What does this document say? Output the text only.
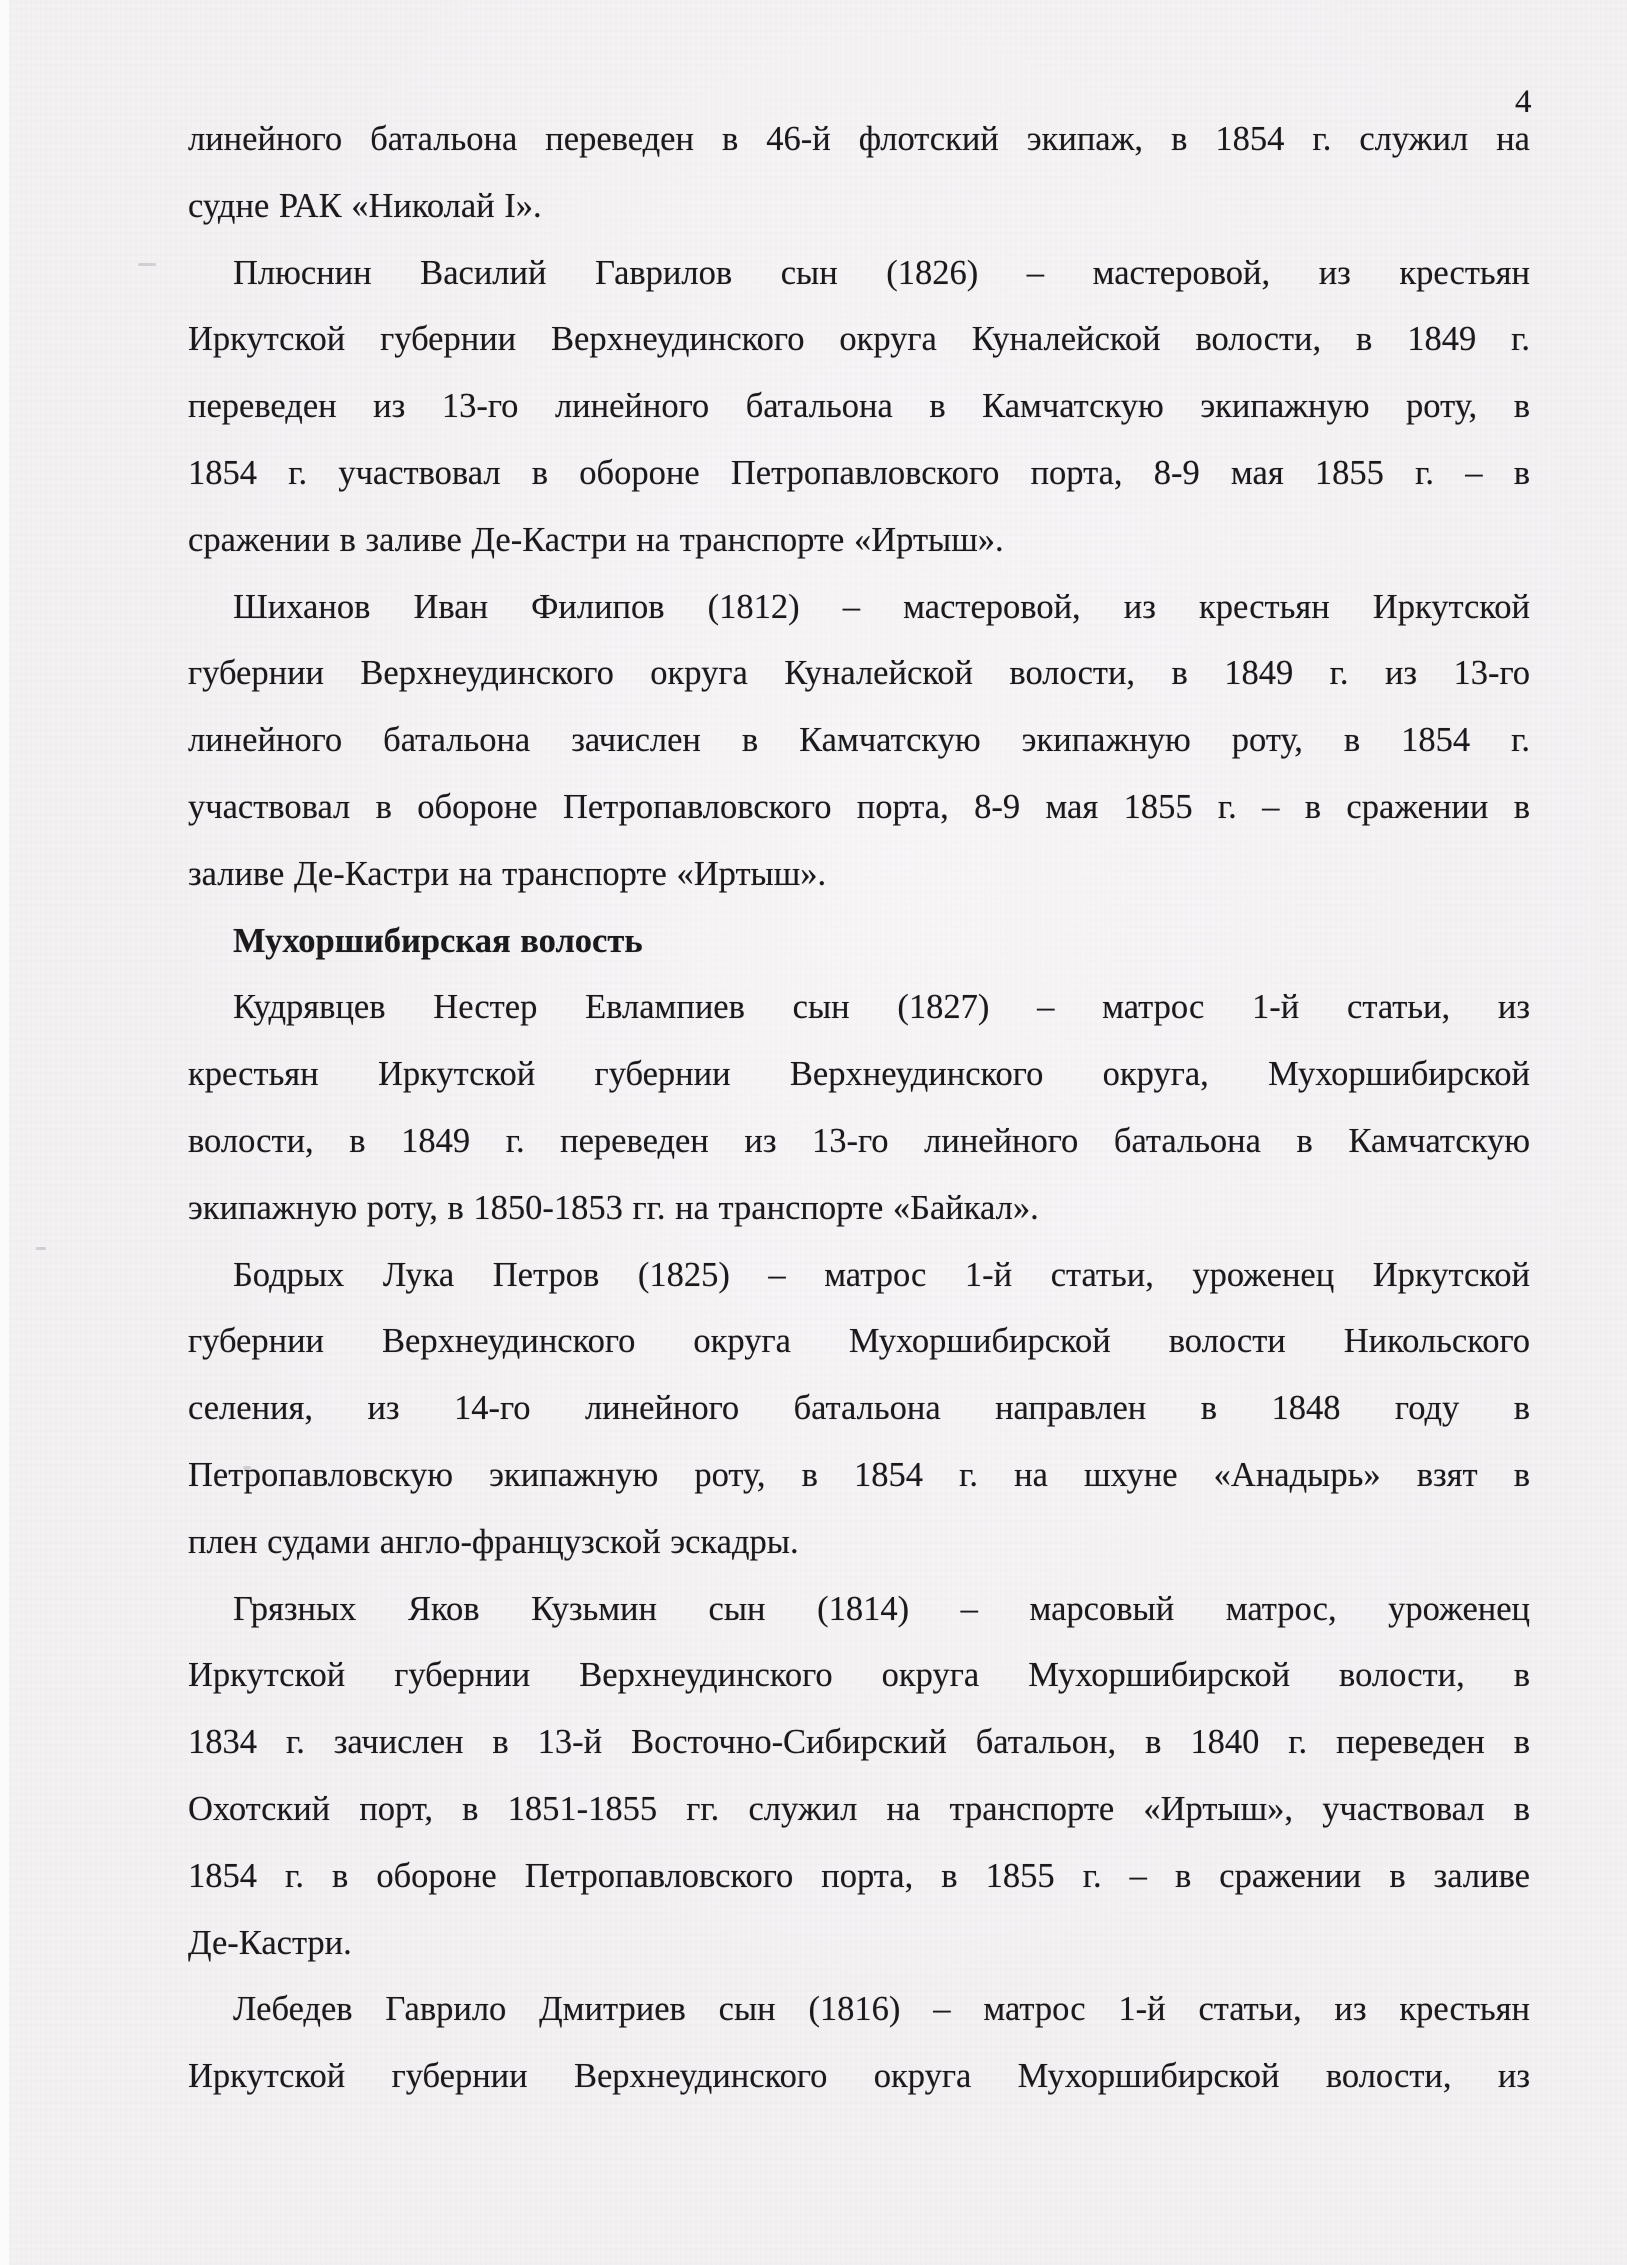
4
линейного батальона переведен в 46-й флотский экипаж, в 1854 г. служил на
судне РАК «Николай I».
Плюснин Василий Гаврилов сын (1826) – мастеровой, из крестьян
Иркутской губернии Верхнеудинского округа Куналейской волости, в 1849 г.
переведен из 13-го линейного батальона в Камчатскую экипажную роту, в
1854 г. участвовал в обороне Петропавловского порта, 8-9 мая 1855 г. – в
сражении в заливе Де-Кастри на транспорте «Иртыш».
Шиханов Иван Филипов (1812) – мастеровой, из крестьян Иркутской
губернии Верхнеудинского округа Куналейской волости, в 1849 г. из 13-го
линейного батальона зачислен в Камчатскую экипажную роту, в 1854 г.
участвовал в обороне Петропавловского порта, 8-9 мая 1855 г. – в сражении в
заливе Де-Кастри на транспорте «Иртыш».
Мухоршибирская волость
Кудрявцев Нестер Евлампиев сын (1827) – матрос 1-й статьи, из
крестьян Иркутской губернии Верхнеудинского округа, Мухоршибирской
волости, в 1849 г. переведен из 13-го линейного батальона в Камчатскую
экипажную роту, в 1850-1853 гг. на транспорте «Байкал».
Бодрых Лука Петров (1825) – матрос 1-й статьи, уроженец Иркутской
губернии Верхнеудинского округа Мухоршибирской волости Никольского
селения, из 14-го линейного батальона направлен в 1848 году в
Петропавловскую экипажную роту, в 1854 г. на шхуне «Анадырь» взят в
плен судами англо-французской эскадры.
Грязных Яков Кузьмин сын (1814) – марсовый матрос, уроженец
Иркутской губернии Верхнеудинского округа Мухоршибирской волости, в
1834 г. зачислен в 13-й Восточно-Сибирский батальон, в 1840 г. переведен в
Охотский порт, в 1851-1855 гг. служил на транспорте «Иртыш», участвовал в
1854 г. в обороне Петропавловского порта, в 1855 г. – в сражении в заливе
Де-Кастри.
Лебедев Гаврило Дмитриев сын (1816) – матрос 1-й статьи, из крестьян
Иркутской губернии Верхнеудинского округа Мухоршибирской волости, из
